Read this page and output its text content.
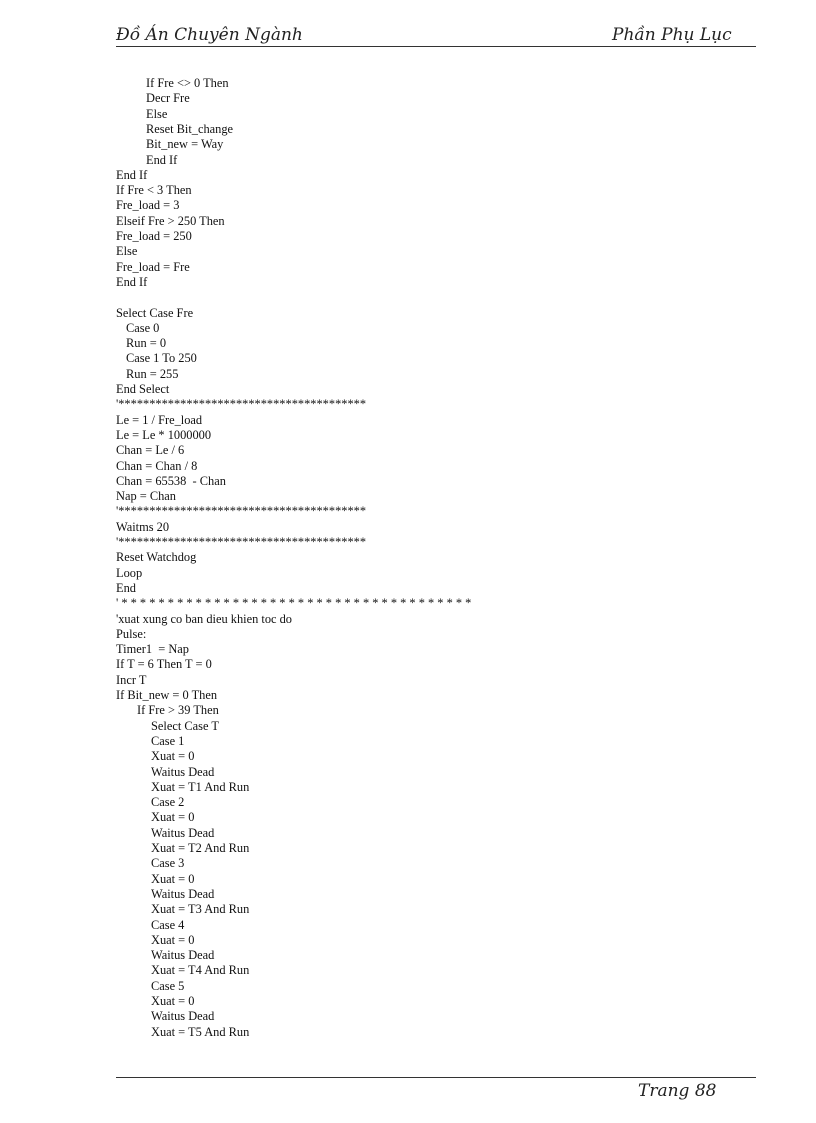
Đồ Án Chuyên Ngành	Phần Phụ Lục
If Fre <> 0 Then
Decr Fre
Else
Reset Bit_change
Bit_new = Way
End If
End If
If Fre < 3 Then
Fre_load = 3
Elseif Fre > 250 Then
Fre_load = 250
Else
Fre_load = Fre
End If
Select Case Fre
Case 0
Run = 0
Case 1 To 250
Run = 255
End Select
'****************************************
Le = 1 / Fre_load
Le = Le * 1000000
Chan = Le / 6
Chan = Chan / 8
Chan = 65538  - Chan
Nap = Chan
'****************************************
Waitms 20
'****************************************
Reset Watchdog
Loop
End
' * * * * * * * * * * * * * * * * * * * * * * * * * * * * * * * * * * * * * *
'xuat xung co ban dieu khien toc do
Pulse:
Timer1  = Nap
If T = 6 Then T = 0
Incr T
If Bit_new = 0 Then
If Fre > 39 Then
Select Case T
Case 1
Xuat = 0
Waitus Dead
Xuat = T1 And Run
Case 2
Xuat = 0
Waitus Dead
Xuat = T2 And Run
Case 3
Xuat = 0
Waitus Dead
Xuat = T3 And Run
Case 4
Xuat = 0
Waitus Dead
Xuat = T4 And Run
Case 5
Xuat = 0
Waitus Dead
Xuat = T5 And Run
Trang 88
